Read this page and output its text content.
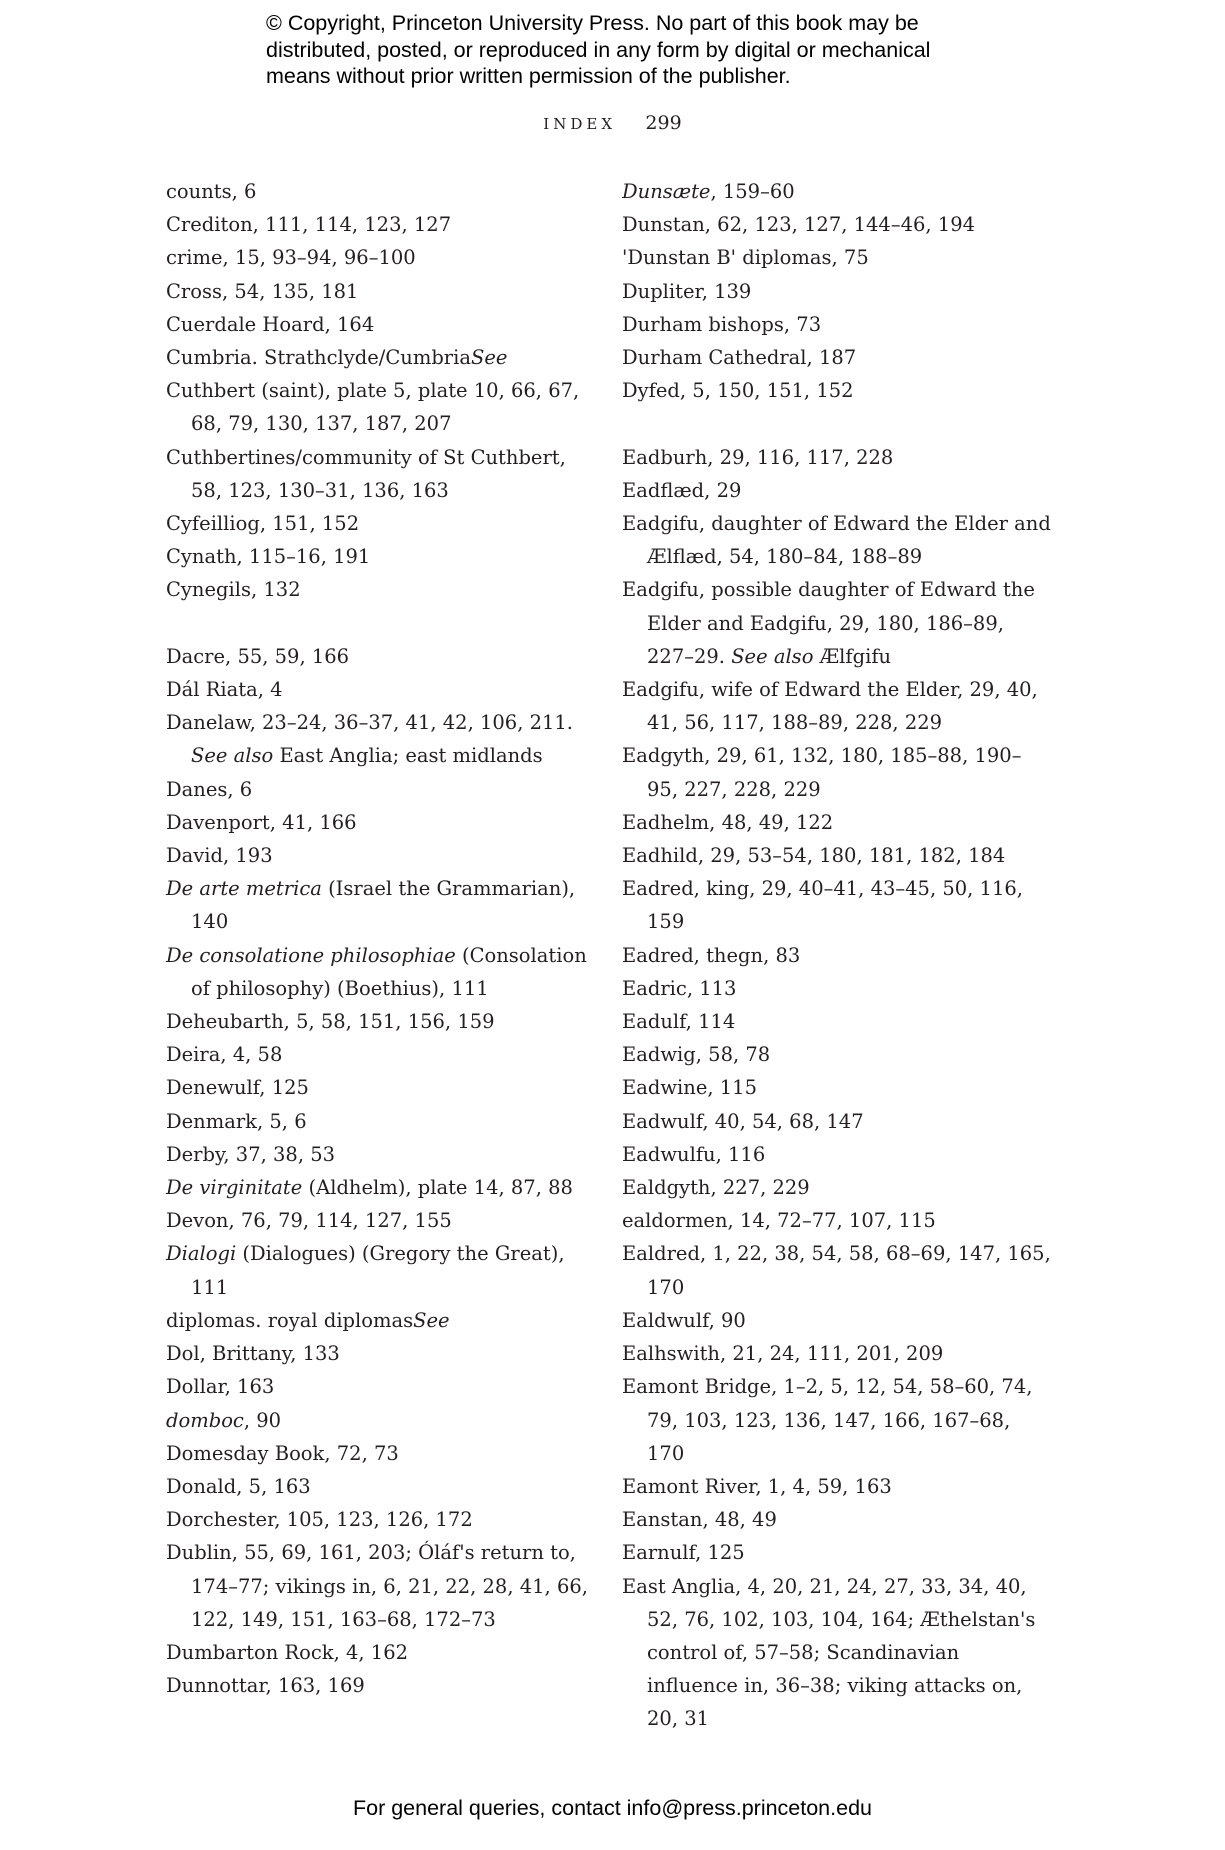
© Copyright, Princeton University Press. No part of this book may be distributed, posted, or reproduced in any form by digital or mechanical means without prior written permission of the publisher.
INDEX 299

counts, 6

Crediton, 111, 114, 123, 127

crime, 15, 93–94, 96–100

Cross, 54, 135, 181

Cuerdale Hoard, 164

Cumbria. Strathclyde/CumbriaSee

Cuthbert (saint), plate 5, plate 10, 66, 67, 68, 79, 130, 137, 187, 207

Cuthbertines/community of St Cuthbert, 58, 123, 130–31, 136, 163

Cyfeilliog, 151, 152

Cynath, 115–16, 191

Cynegils, 132

Dacre, 55, 59, 166

Dál Riata, 4

Danelaw, 23–24, 36–37, 41, 42, 106, 211. See also East Anglia; east midlands

Danes, 6

Davenport, 41, 166

David, 193

De arte metrica (Israel the Grammarian), 140

De consolatione philosophiae (Consolation of philosophy) (Boethius), 111

Deheubarth, 5, 58, 151, 156, 159

Deira, 4, 58

Denewulf, 125

Denmark, 5, 6

Derby, 37, 38, 53

De virginitate (Aldhelm), plate 14, 87, 88

Devon, 76, 79, 114, 127, 155

Dialogi (Dialogues) (Gregory the Great), 111

diplomas. royal diplomasSee

Dol, Brittany, 133

Dollar, 163

domboc, 90

Domesday Book, 72, 73

Donald, 5, 163

Dorchester, 105, 123, 126, 172

Dublin, 55, 69, 161, 203; Óláf's return to, 174–77; vikings in, 6, 21, 22, 28, 41, 66, 122, 149, 151, 163–68, 172–73

Dumbarton Rock, 4, 162

Dunnottar, 163, 169

Dunsæte, 159–60

Dunstan, 62, 123, 127, 144–46, 194

'Dunstan B' diplomas, 75

Dupliter, 139

Durham bishops, 73

Durham Cathedral, 187

Dyfed, 5, 150, 151, 152

Eadburh, 29, 116, 117, 228

Eadflæd, 29

Eadgifu, daughter of Edward the Elder and Ælflæd, 54, 180–84, 188–89

Eadgifu, possible daughter of Edward the Elder and Eadgifu, 29, 180, 186–89, 227–29. See also Ælfgifu

Eadgifu, wife of Edward the Elder, 29, 40, 41, 56, 117, 188–89, 228, 229

Eadgyth, 29, 61, 132, 180, 185–88, 190–95, 227, 228, 229

Eadhelm, 48, 49, 122

Eadhild, 29, 53–54, 180, 181, 182, 184

Eadred, king, 29, 40–41, 43–45, 50, 116, 159

Eadred, thegn, 83

Eadric, 113

Eadulf, 114

Eadwig, 58, 78

Eadwine, 115

Eadwulf, 40, 54, 68, 147

Eadwulfu, 116

Ealdgyth, 227, 229

ealdormen, 14, 72–77, 107, 115

Ealdred, 1, 22, 38, 54, 58, 68–69, 147, 165, 170

Ealdwulf, 90

Ealhswith, 21, 24, 111, 201, 209

Eamont Bridge, 1–2, 5, 12, 54, 58–60, 74, 79, 103, 123, 136, 147, 166, 167–68, 170

Eamont River, 1, 4, 59, 163

Eanstan, 48, 49

Earnulf, 125

East Anglia, 4, 20, 21, 24, 27, 33, 34, 40, 52, 76, 102, 103, 104, 164; Æthelstan's control of, 57–58; Scandinavian influence in, 36–38; viking attacks on, 20, 31

For general queries, contact info@press.princeton.edu
